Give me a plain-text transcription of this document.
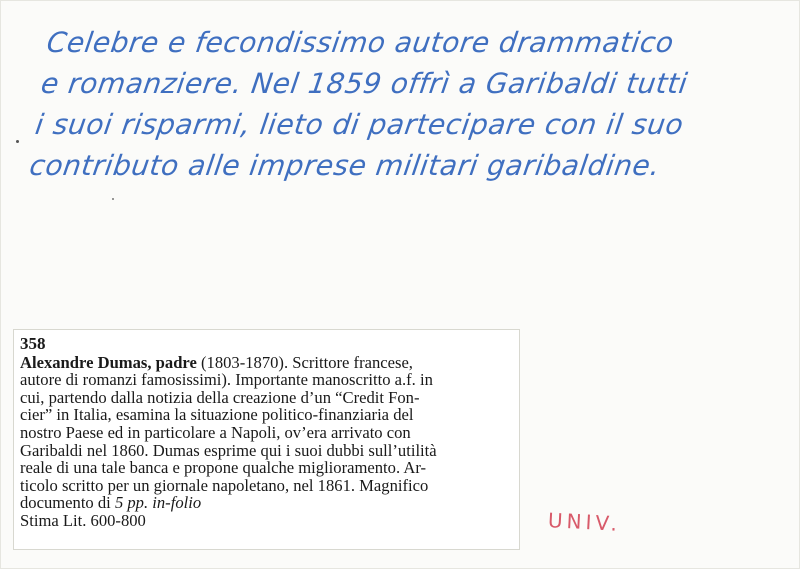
Celebre e fecondissimo autore drammatico
e romanziere. Nel 1859 offrì a Garibaldi tutti
i suoi risparmi, lieto di partecipare con il suo
contributo alle imprese militari garibaldine.
358
Alexandre Dumas, padre (1803-1870). Scrittore francese,
autore di romanzi famosissimi). Importante manoscritto a.f. in
cui, partendo dalla notizia della creazione d’un “Credit Fon-
cier” in Italia, esamina la situazione politico-finanziaria del
nostro Paese ed in particolare a Napoli, ov’era arrivato con
Garibaldi nel 1860. Dumas esprime qui i suoi dubbi sull’utilità
reale di una tale banca e propone qualche miglioramento. Ar-
ticolo scritto per un giornale napoletano, nel 1861. Magnifico
documento di 5 pp. in-folio
Stima Lit. 600-800	UNIV.
